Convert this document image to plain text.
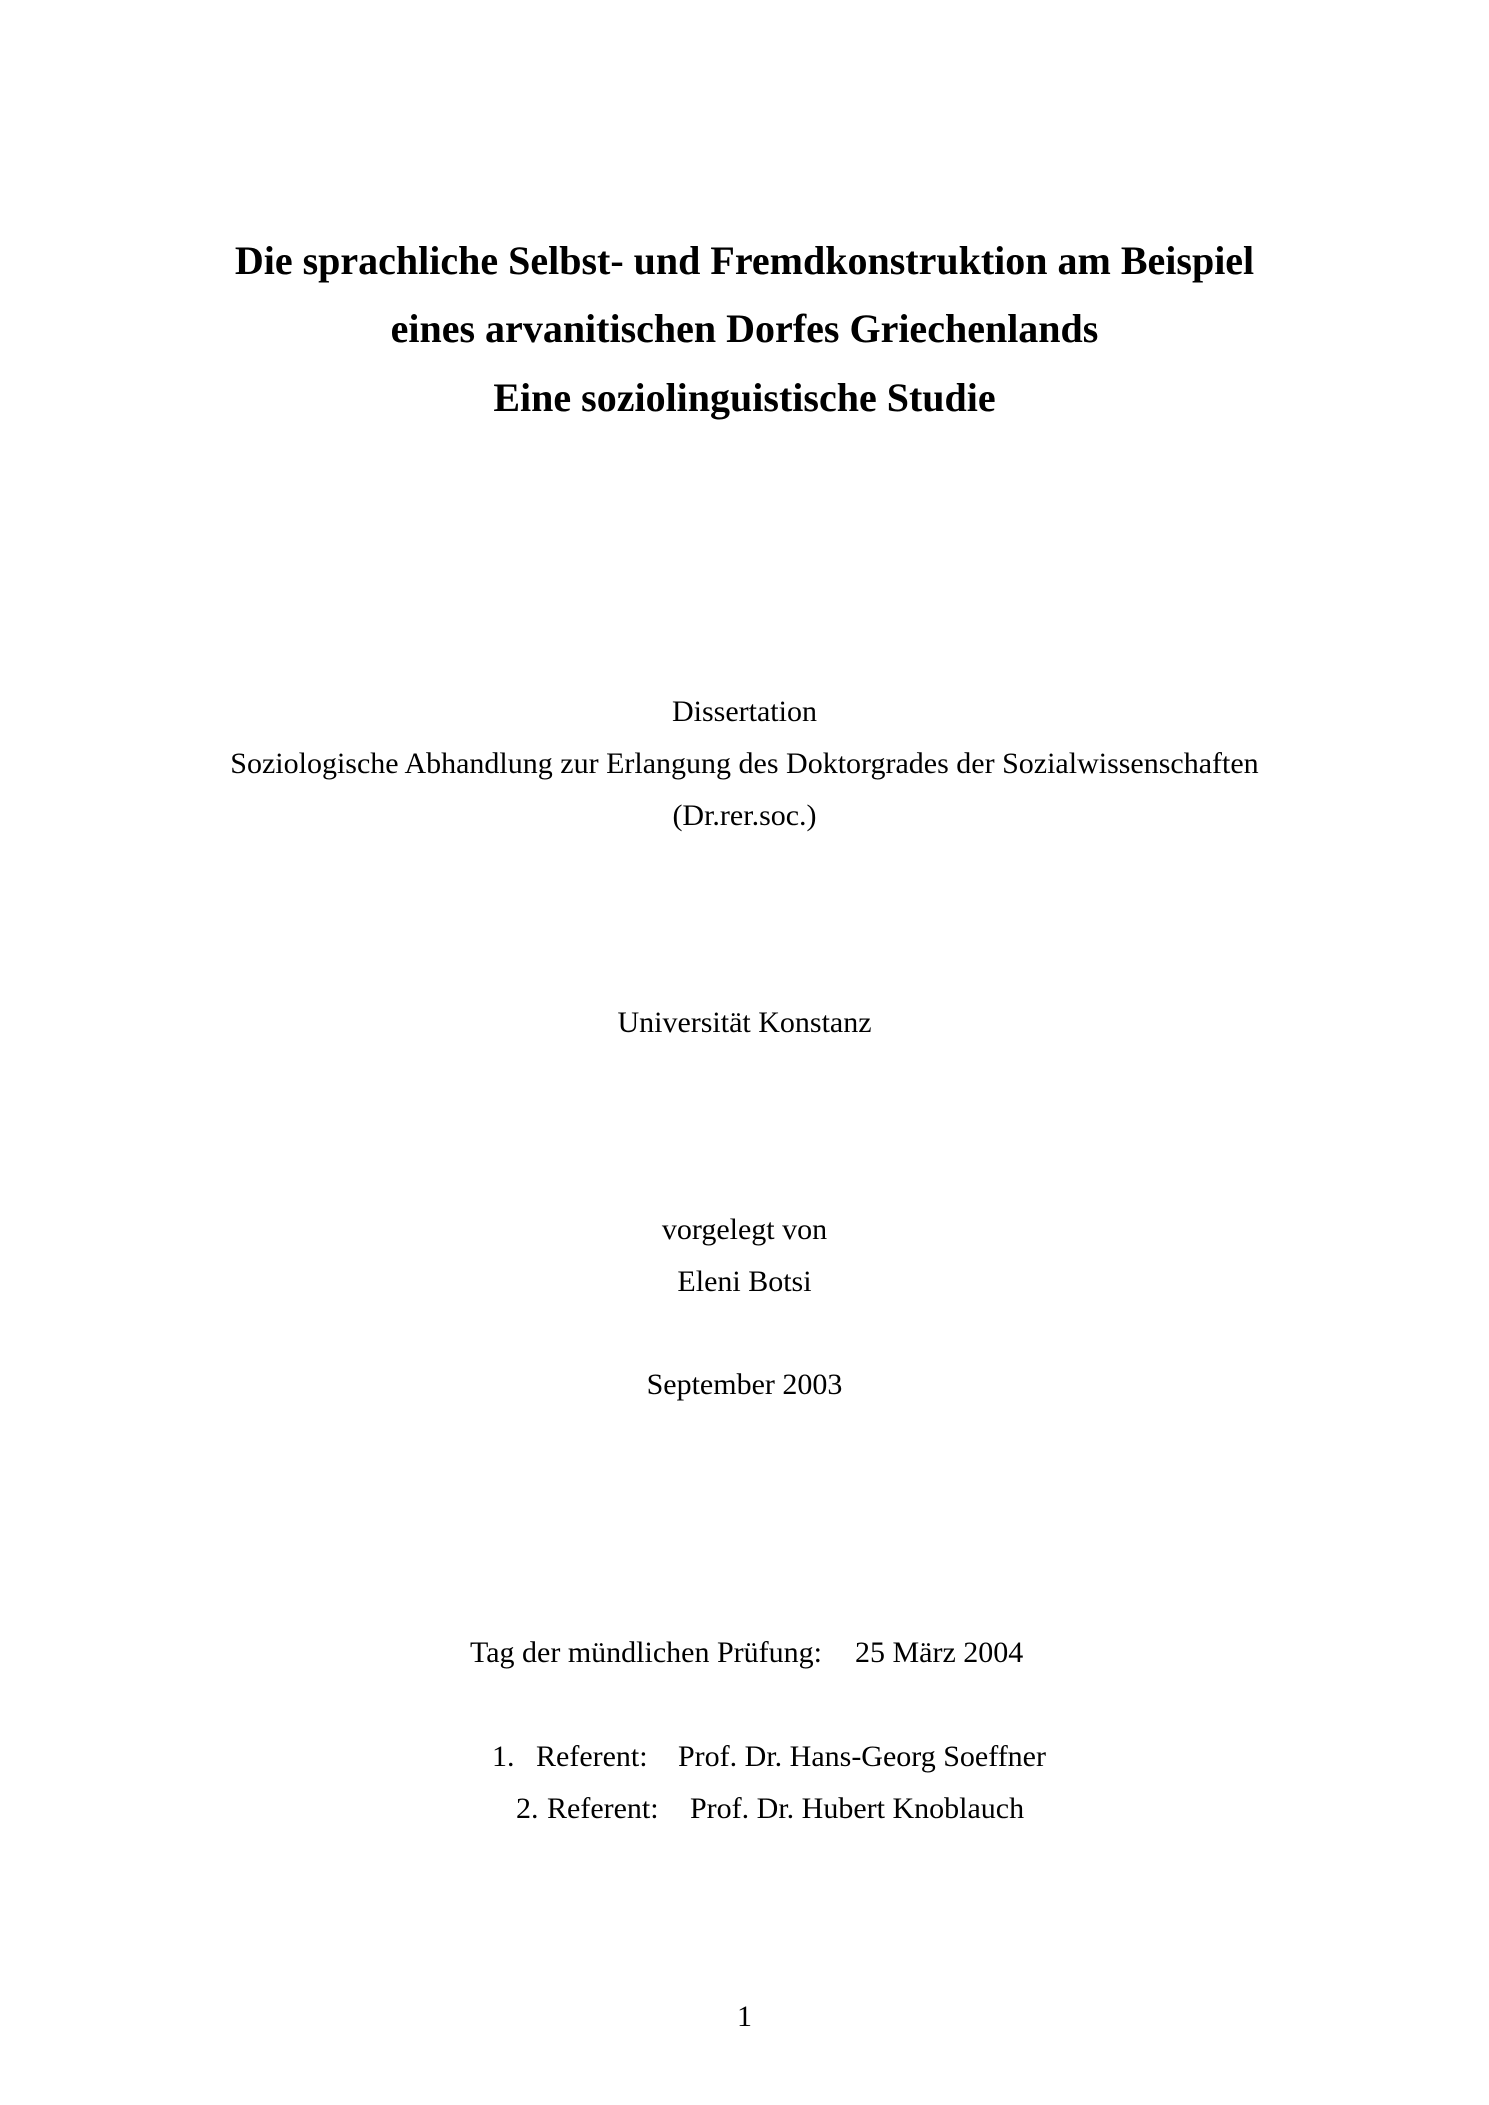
Die sprachliche Selbst- und Fremdkonstruktion am Beispiel
eines arvanitischen Dorfes Griechenlands
Eine soziolinguistische Studie

Dissertation

Soziologische Abhandlung zur Erlangung des Doktorgrades der Sozialwissenschaften

(Dr.rer.soc.)

Universität Konstanz

vorgelegt von

Eleni Botsi

September 2003

Tag der mündlichen Prüfung: 25 März 2004
1. Referent: Prof. Dr. Hans-Georg Soeffner
2. Referent: Prof. Dr. Hubert Knoblauch

1
